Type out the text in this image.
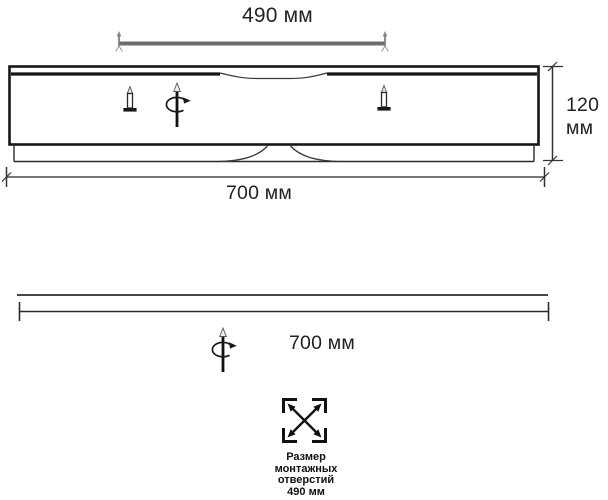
490 мм
120
мм
700 мм
700 мм
Размер
монтажных
отверстий
490 мм
